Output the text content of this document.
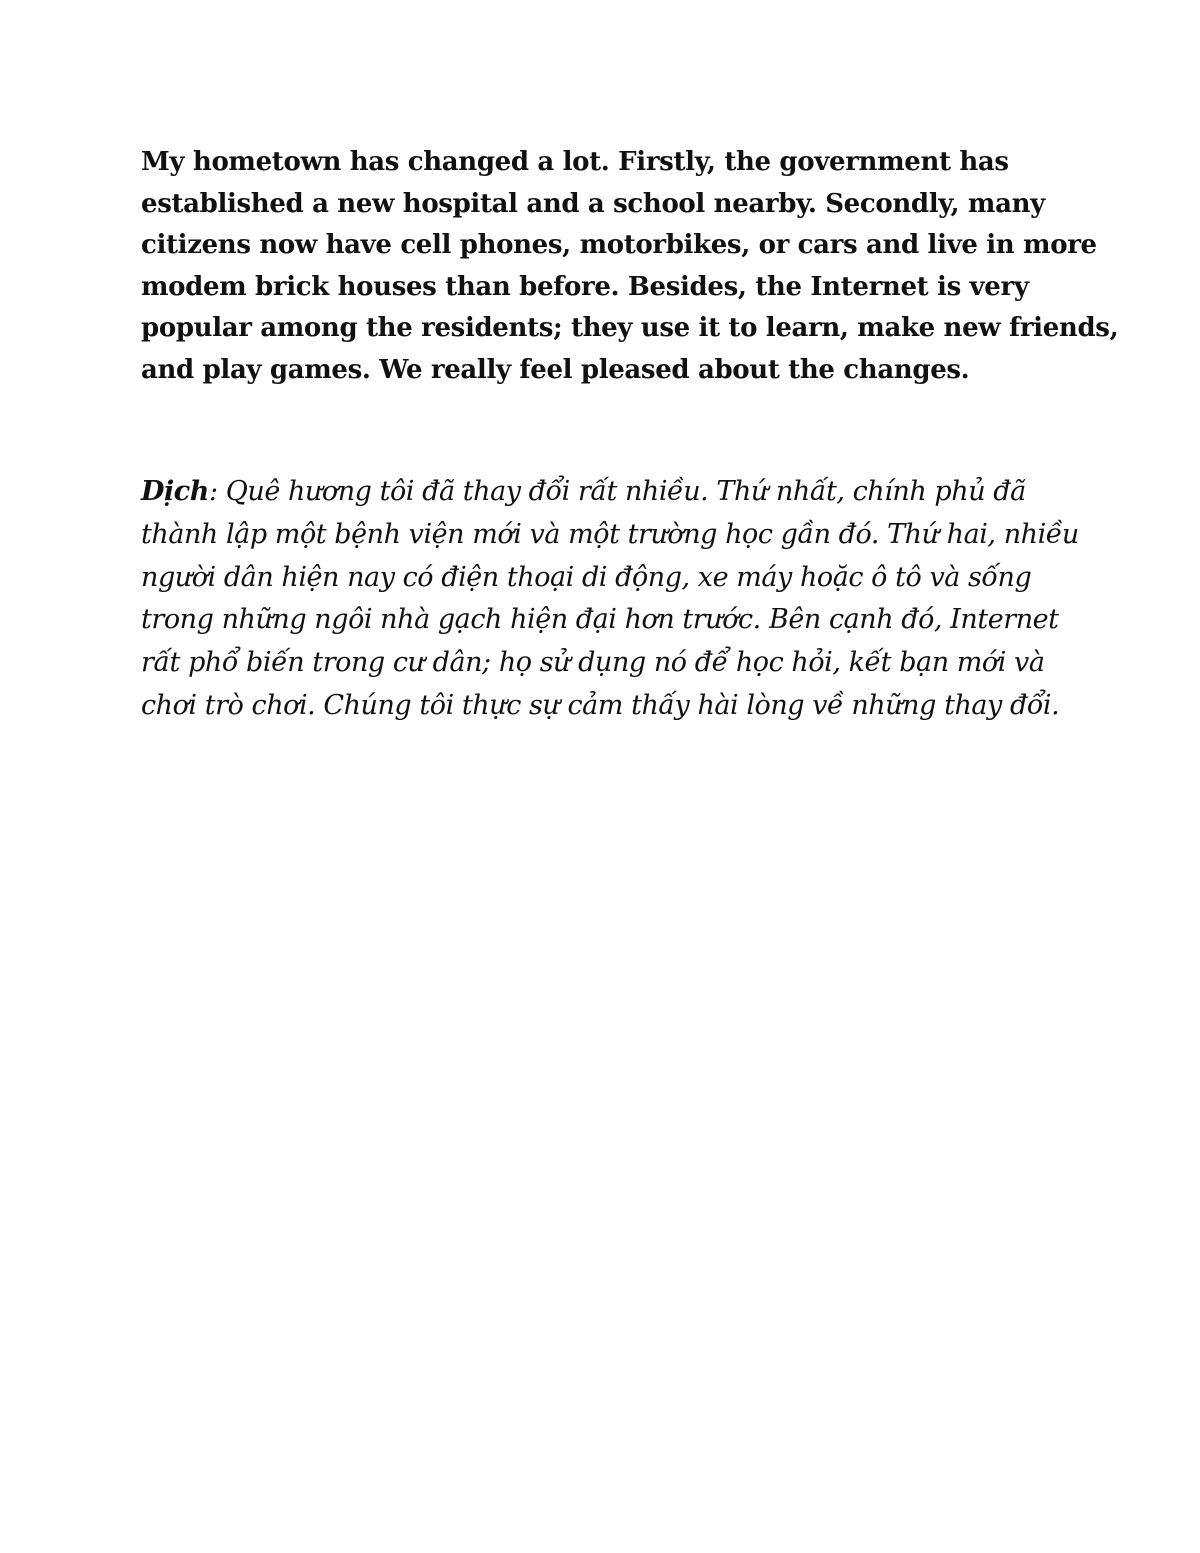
My hometown has changed a lot. Firstly, the government has
established a new hospital and a school nearby. Secondly, many
citizens now have cell phones, motorbikes, or cars and live in more
modem brick houses than before. Besides, the Internet is very
popular among the residents; they use it to learn, make new friends,
and play games. We really feel pleased about the changes.

Dịch: Quê hương tôi đã thay đổi rất nhiều. Thứ nhất, chính phủ đã
thành lập một bệnh viện mới và một trường học gần đó. Thứ hai, nhiều
người dân hiện nay có điện thoại di động, xe máy hoặc ô tô và sống
trong những ngôi nhà gạch hiện đại hơn trước. Bên cạnh đó, Internet
rất phổ biến trong cư dân; họ sử dụng nó để học hỏi, kết bạn mới và
chơi trò chơi. Chúng tôi thực sự cảm thấy hài lòng về những thay đổi.
